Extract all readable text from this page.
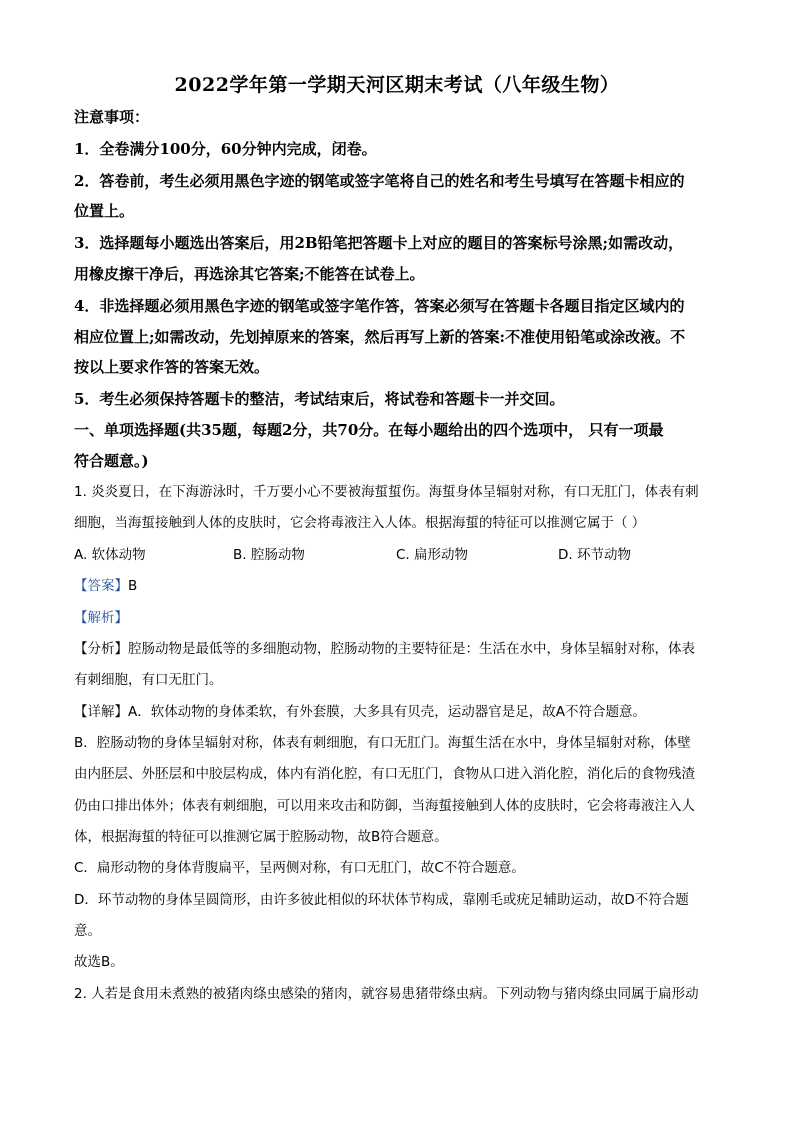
2022学年第一学期天河区期末考试（八年级生物）
注意事项：
1．全卷满分100分，60分钟内完成，闭卷。
2．答卷前，考生必须用黑色字迹的钢笔或签字笔将自己的姓名和考生号填写在答题卡相应的
位置上。
3．选择题每小题选出答案后，用2B铅笔把答题卡上对应的题目的答案标号涂黑;如需改动，
用橡皮擦干净后，再选涂其它答案;不能答在试卷上。
4．非选择题必须用黑色字迹的钢笔或签字笔作答，答案必须写在答题卡各题目指定区域内的
相应位置上;如需改动，先划掉原来的答案，然后再写上新的答案:不准使用铅笔或涂改液。不
按以上要求作答的答案无效。
5．考生必须保持答题卡的整洁，考试结束后，将试卷和答题卡一并交回。
一、单项选择题(共35题，每题2分，共70分。在每小题给出的四个选项中， 只有一项最
符合题意。)
1. 炎炎夏日，在下海游泳时，千万要小心不要被海蜇蜇伤。海蜇身体呈辐射对称，有口无肛门，体表有刺
细胞，当海蜇接触到人体的皮肤时，它会将毒液注入人体。根据海蜇的特征可以推测它属于（ ）
A. 软体动物	B. 腔肠动物	C. 扁形动物	D. 环节动物
【答案】B
【解析】
【分析】腔肠动物是最低等的多细胞动物，腔肠动物的主要特征是：生活在水中，身体呈辐射对称，体表
有刺细胞，有口无肛门。
【详解】A．软体动物的身体柔软，有外套膜，大多具有贝壳，运动器官是足，故A不符合题意。
B．腔肠动物的身体呈辐射对称，体表有刺细胞，有口无肛门。海蜇生活在水中，身体呈辐射对称，体壁
由内胚层、外胚层和中胶层构成，体内有消化腔，有口无肛门，食物从口进入消化腔，消化后的食物残渣
仍由口排出体外；体表有刺细胞，可以用来攻击和防御，当海蜇接触到人体的皮肤时，它会将毒液注入人
体，根据海蜇的特征可以推测它属于腔肠动物，故B符合题意。
C．扁形动物的身体背腹扁平，呈两侧对称，有口无肛门，故C不符合题意。
D．环节动物的身体呈圆筒形，由许多彼此相似的环状体节构成，靠刚毛或疣足辅助运动，故D不符合题
意。
故选B。
2. 人若是食用未煮熟的被猪肉绦虫感染的猪肉，就容易患猪带绦虫病。下列动物与猪肉绦虫同属于扁形动
